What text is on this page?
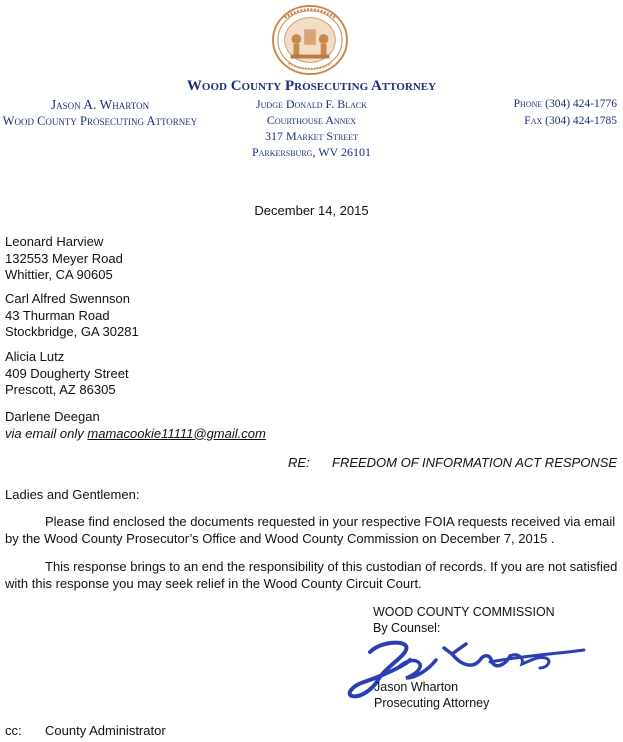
Wood County Prosecuting Attorney
Jason A. Wharton
Wood County Prosecuting Attorney
Judge Donald F. Black
Courthouse Annex
317 Market Street
Parkersburg, WV 26101
Phone (304) 424-1776
Fax (304) 424-1785
December 14, 2015
Leonard Harview
132553 Meyer Road
Whittier, CA 90605
Carl Alfred Swennson
43 Thurman Road
Stockbridge, GA 30281
Alicia Lutz
409 Dougherty Street
Prescott, AZ 86305
Darlene Deegan
via email only mamacookie11111@gmail.com
RE: FREEDOM OF INFORMATION ACT RESPONSE
Ladies and Gentlemen:
Please find enclosed the documents requested in your respective FOIA requests received via email by the Wood County Prosecutor’s Office and Wood County Commission on December 7, 2015 .
This response brings to an end the responsibility of this custodian of records. If you are not satisfied with this response you may seek relief in the Wood County Circuit Court.
WOOD COUNTY COMMISSION
By Counsel:
Jason Wharton
Prosecuting Attorney
cc: County Administrator
